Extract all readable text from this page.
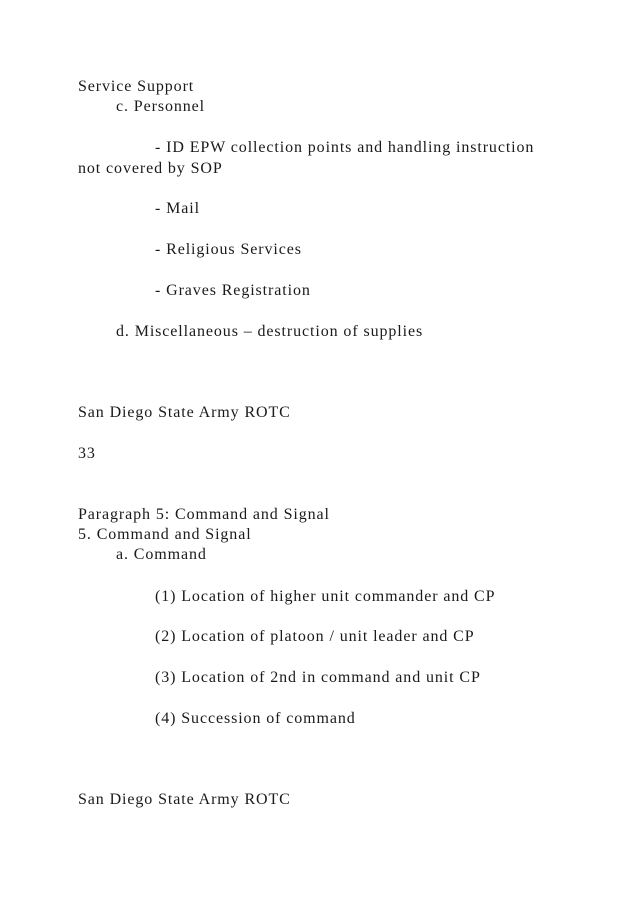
Service Support
c. Personnel
- ID EPW collection points and handling instruction
not covered by SOP
- Mail
- Religious Services
- Graves Registration
d. Miscellaneous – destruction of supplies
San Diego State Army ROTC
33
Paragraph 5: Command and Signal
5. Command and Signal
a. Command
(1) Location of higher unit commander and CP
(2) Location of platoon / unit leader and CP
(3) Location of 2nd in command and unit CP
(4) Succession of command
San Diego State Army ROTC
